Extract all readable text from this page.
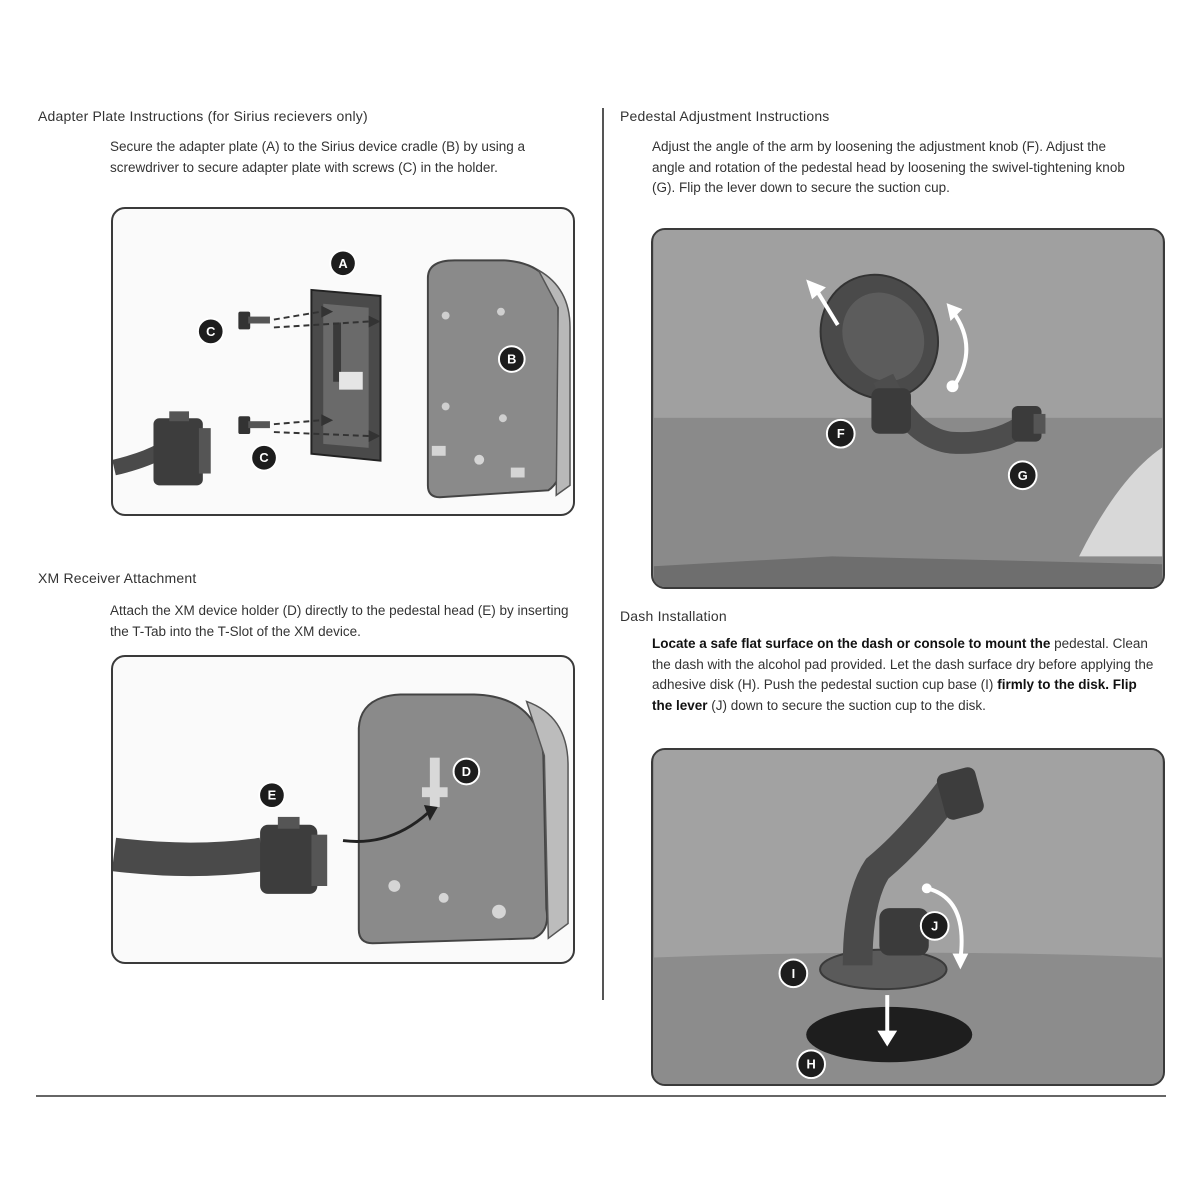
Adapter Plate Instructions (for Sirius recievers only)
Secure the adapter plate (A) to the Sirius device cradle (B) by using a screwdriver to secure adapter plate with screws (C) in the holder.
A
B
C
C
XM Receiver Attachment
Attach the XM device holder (D) directly to the pedestal head (E) by inserting the T-Tab into the T-Slot of the XM device.
D
E
Pedestal Adjustment Instructions
Adjust the angle of the arm by loosening the adjustment knob (F). Adjust the angle and rotation of the pedestal head by loosening the swivel-tightening knob (G). Flip the lever down to secure the suction cup.
F
G
Dash Installation
Locate a safe flat surface on the dash or console to mount the pedestal. Clean the dash with the alcohol pad provided. Let the dash surface dry before applying the adhesive disk (H). Push the pedestal suction cup base (I) firmly to the disk. Flip the lever (J) down to secure the suction cup to the disk.
I
J
H
